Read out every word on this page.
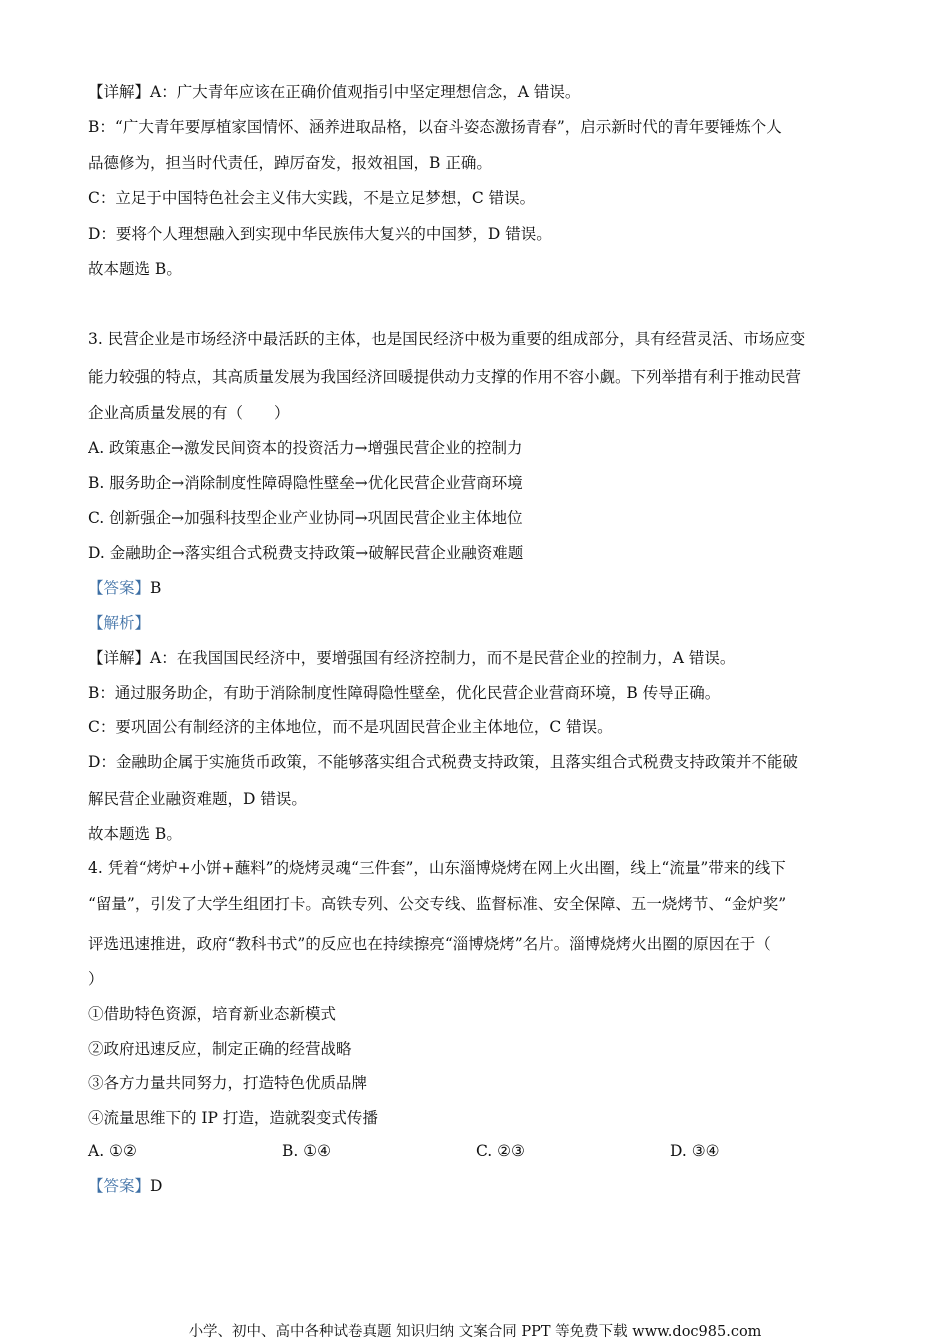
【详解】A：广大青年应该在正确价值观指引中坚定理想信念，A 错误。
B：“广大青年要厚植家国情怀、涵养进取品格，以奋斗姿态激扬青春”，启示新时代的青年要锤炼个人
品德修为，担当时代责任，踔厉奋发，报效祖国，B 正确。
C：立足于中国特色社会主义伟大实践，不是立足梦想，C 错误。
D：要将个人理想融入到实现中华民族伟大复兴的中国梦，D 错误。
故本题选 B。
3. 民营企业是市场经济中最活跃的主体，也是国民经济中极为重要的组成部分，具有经营灵活、市场应变
能力较强的特点，其高质量发展为我国经济回暖提供动力支撑的作用不容小觑。下列举措有利于推动民营
企业高质量发展的有（　　）
A. 政策惠企→激发民间资本的投资活力→增强民营企业的控制力
B. 服务助企→消除制度性障碍隐性壁垒→优化民营企业营商环境
C. 创新强企→加强科技型企业产业协同→巩固民营企业主体地位
D. 金融助企→落实组合式税费支持政策→破解民营企业融资难题
【答案】B
【解析】
【详解】A：在我国国民经济中，要增强国有经济控制力，而不是民营企业的控制力，A 错误。
B：通过服务助企，有助于消除制度性障碍隐性壁垒，优化民营企业营商环境，B 传导正确。
C：要巩固公有制经济的主体地位，而不是巩固民营企业主体地位，C 错误。
D：金融助企属于实施货币政策，不能够落实组合式税费支持政策，且落实组合式税费支持政策并不能破
解民营企业融资难题，D 错误。
故本题选 B。
4. 凭着“烤炉+小饼+蘸料”的烧烤灵魂“三件套”，山东淄博烧烤在网上火出圈，线上“流量”带来的线下
“留量”，引发了大学生组团打卡。高铁专列、公交专线、监督标准、安全保障、五一烧烤节、“金炉奖”
评选迅速推进，政府“教科书式”的反应也在持续擦亮“淄博烧烤”名片。淄博烧烤火出圈的原因在于（
）
①借助特色资源，培育新业态新模式
②政府迅速反应，制定正确的经营战略
③各方力量共同努力，打造特色优质品牌
④流量思维下的 IP 打造，造就裂变式传播
A. ①②	B. ①④	C. ②③	D. ③④
【答案】D
小学、初中、高中各种试卷真题 知识归纳 文案合同 PPT 等免费下载 www.doc985.com
